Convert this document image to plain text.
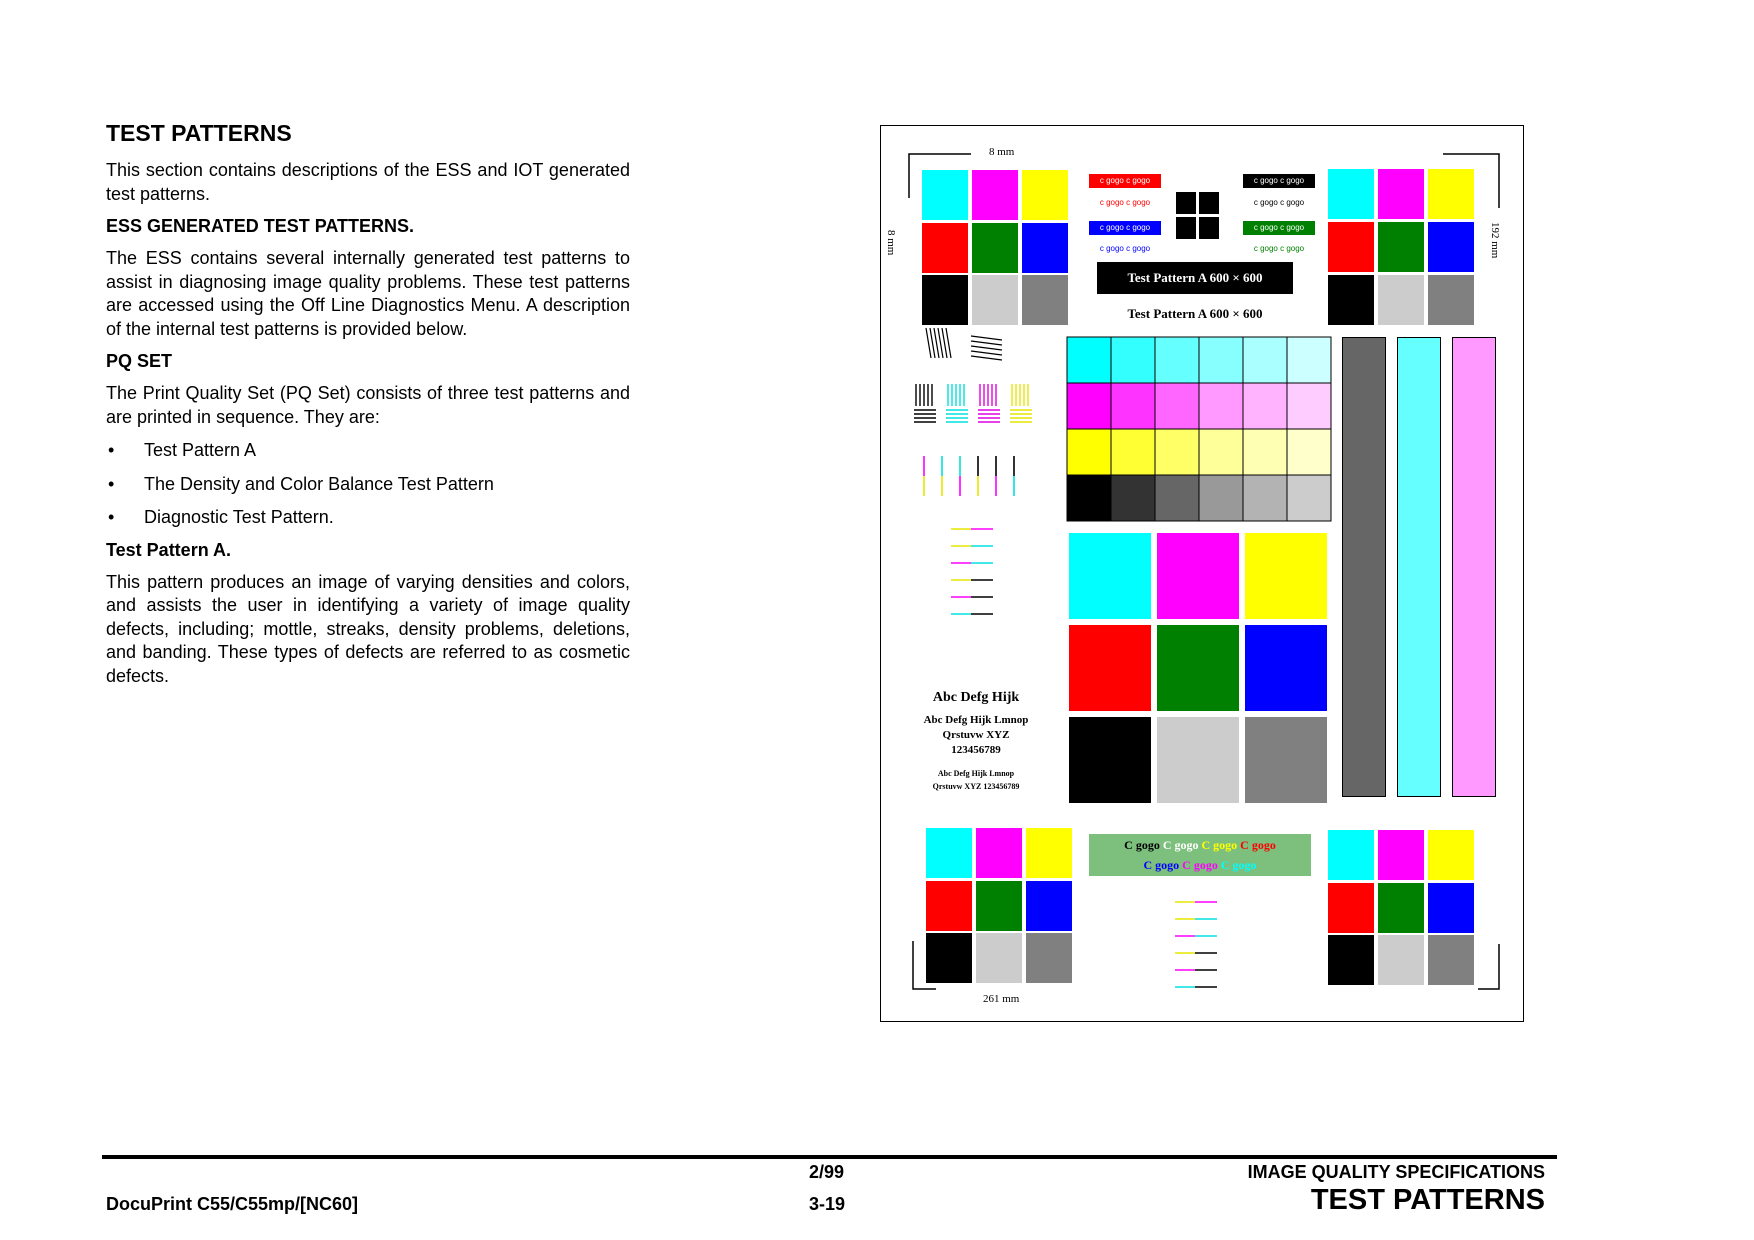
TEST PATTERNS

This section contains descriptions of the ESS and IOT generated test patterns.

ESS GENERATED TEST PATTERNS.

The ESS contains several internally generated test patterns to assist in diagnosing image quality problems. These test patterns are accessed using the Off Line Diagnostics Menu. A description of the internal test patterns is provided below.

PQ SET

The Print Quality Set (PQ Set) consists of three test patterns and are printed in sequence. They are:

• Test Pattern A
• The Density and Color Balance Test Pattern
• Diagnostic Test Pattern.
Test Pattern A.

This pattern produces an image of varying densities and colors, and assists the user in identifying a variety of image quality defects, including; mottle, streaks, density problems, deletions, and banding. These types of defects are referred to as cosmetic defects.

8 mm
8 mm	192 mm
261 mm
c gogo c gogo
c gogo c gogo
c gogo c gogo
c gogo c gogo
c gogo c gogo
c gogo c gogo
c gogo c gogo
c gogo c gogo
Test Pattern A 600 × 600
Test Pattern A 600 × 600
Abc Defg Hijk
Abc Defg Hijk Lmnop
Qrstuvw XYZ
123456789
Abc Defg Hijk Lmnop
Qrstuvw XYZ 123456789
C gogo C gogo C gogo C gogo
C gogo C gogo C gogo
2/99	IMAGE QUALITY SPECIFICATIONS
DocuPrint C55/C55mp/[NC60]	3-19	TEST PATTERNS
